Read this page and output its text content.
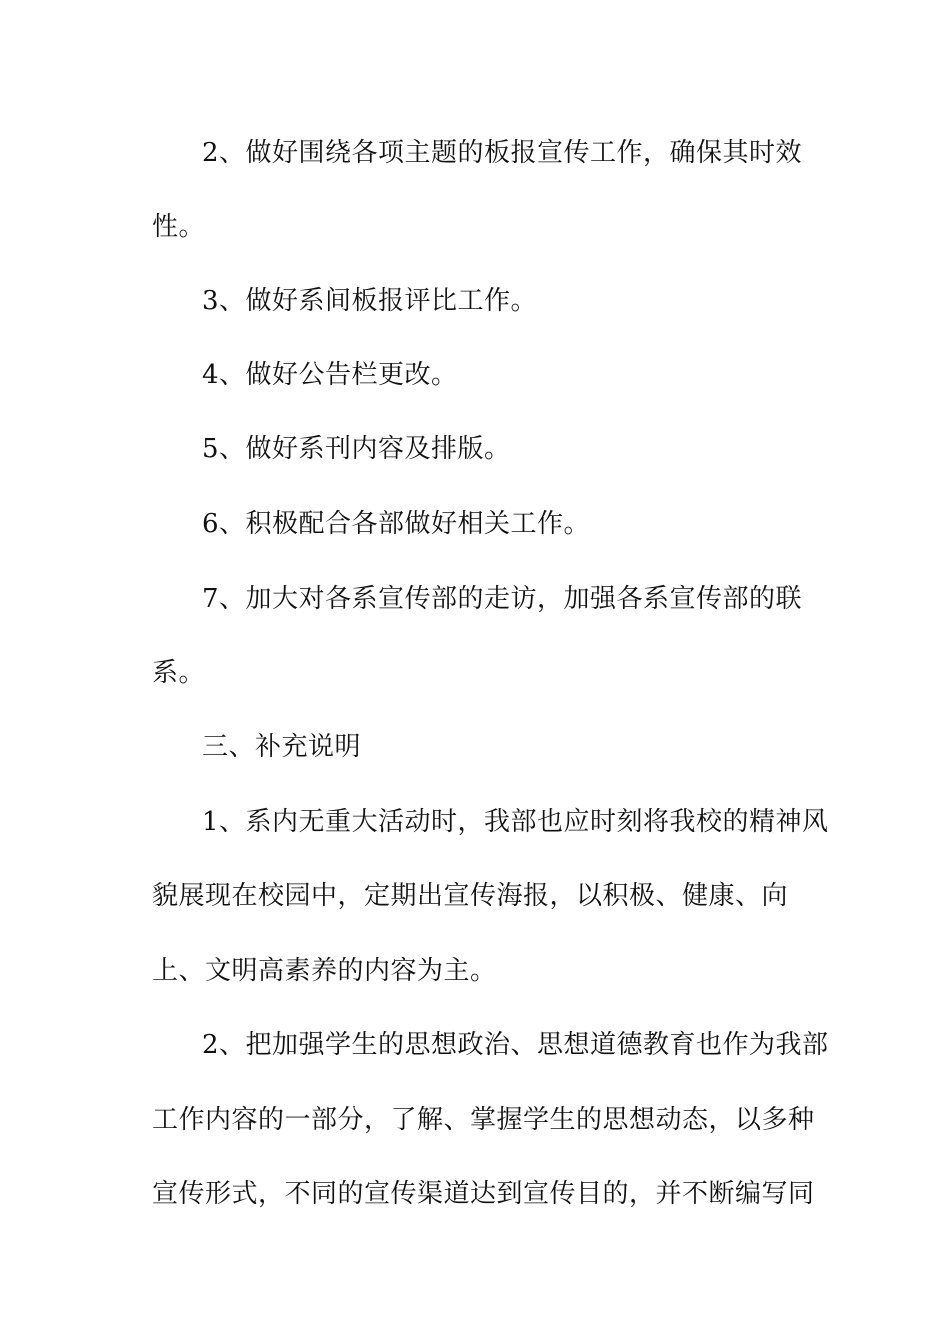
2、做好围绕各项主题的板报宣传工作，确保其时效
性。
3、做好系间板报评比工作。
4、做好公告栏更改。
5、做好系刊内容及排版。
6、积极配合各部做好相关工作。
7、加大对各系宣传部的走访，加强各系宣传部的联
系。
三、补充说明
1、系内无重大活动时，我部也应时刻将我校的精神风
貌展现在校园中，定期出宣传海报，以积极、健康、向
上、文明高素养的内容为主。
2、把加强学生的思想政治、思想道德教育也作为我部
工作内容的一部分，了解、掌握学生的思想动态，以多种
宣传形式，不同的宣传渠道达到宣传目的，并不断编写同
